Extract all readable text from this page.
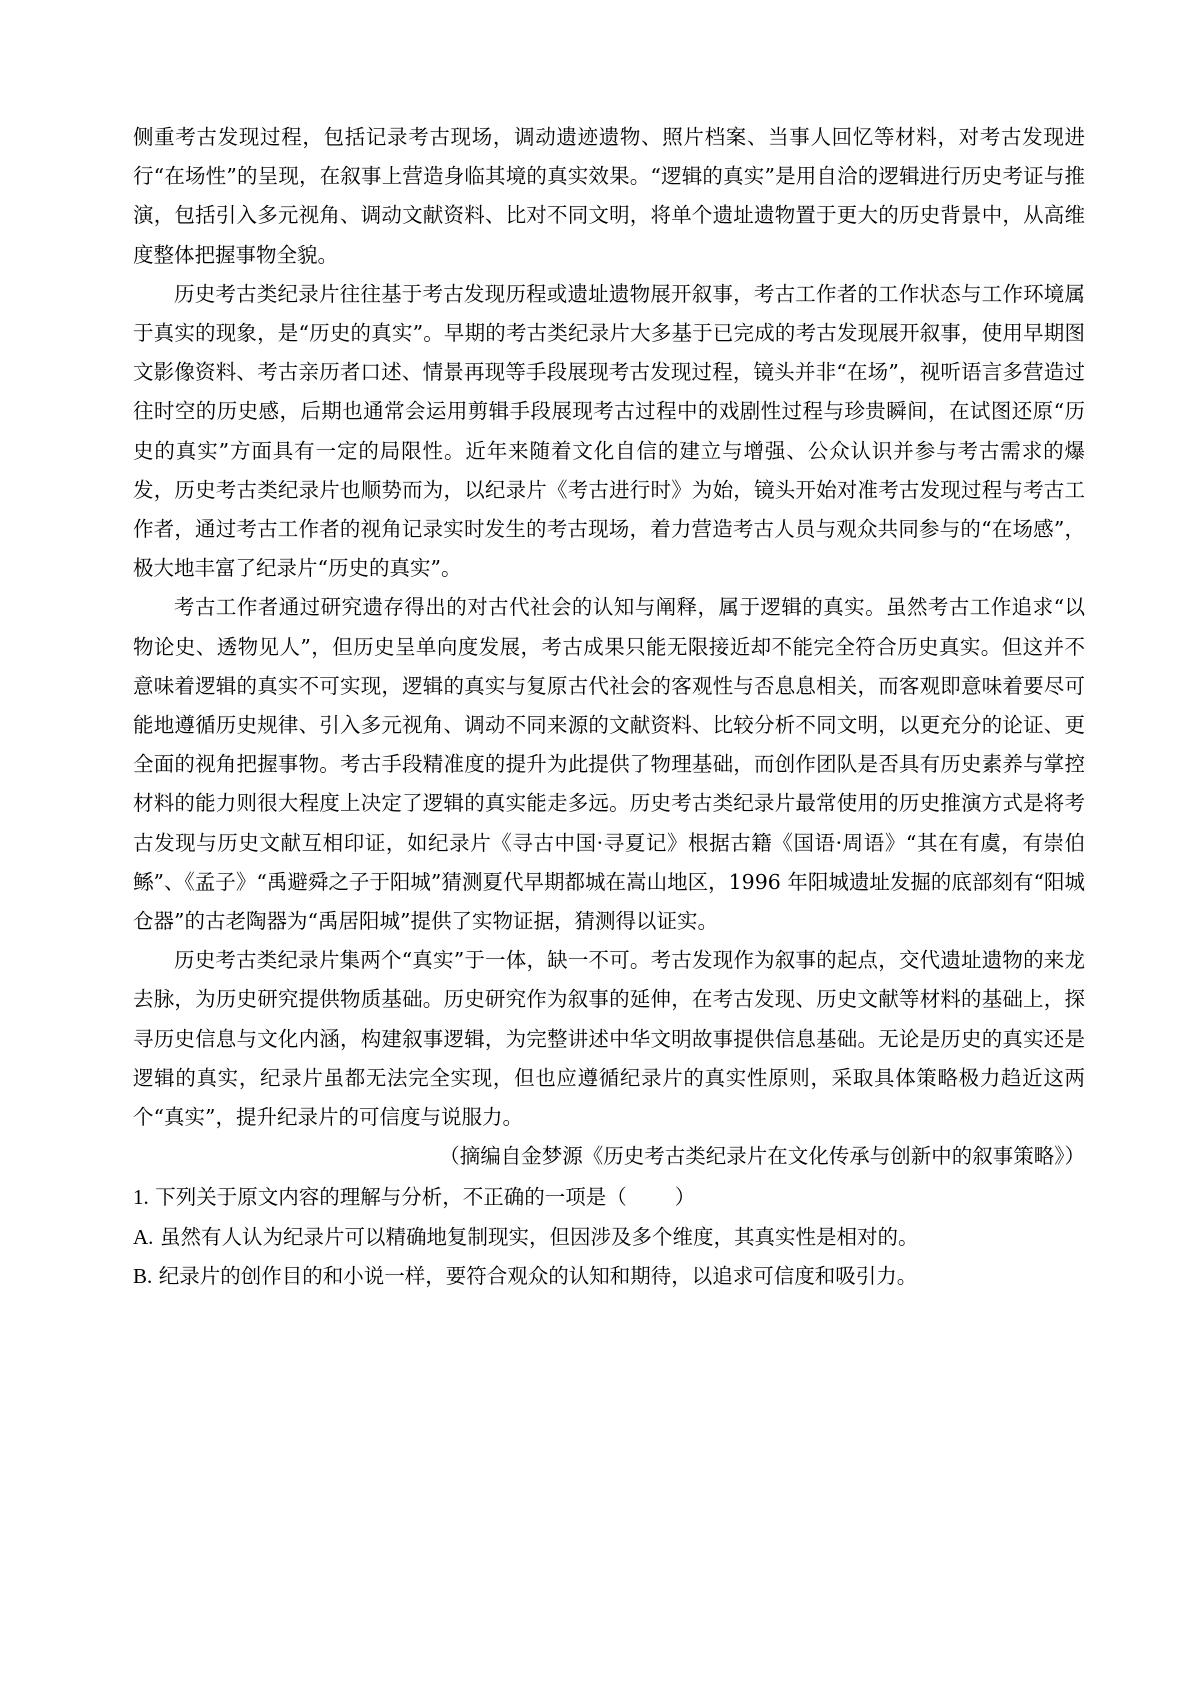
侧重考古发现过程，包括记录考古现场，调动遗迹遗物、照片档案、当事人回忆等材料，对考古发现进行“在场性”的呈现，在叙事上营造身临其境的真实效果。“逻辑的真实”是用自洽的逻辑进行历史考证与推演，包括引入多元视角、调动文献资料、比对不同文明，将单个遗址遗物置于更大的历史背景中，从高维度整体把握事物全貌。

历史考古类纪录片往往基于考古发现历程或遗址遗物展开叙事，考古工作者的工作状态与工作环境属于真实的现象，是“历史的真实”。早期的考古类纪录片大多基于已完成的考古发现展开叙事，使用早期图文影像资料、考古亲历者口述、情景再现等手段展现考古发现过程，镜头并非“在场”，视听语言多营造过往时空的历史感，后期也通常会运用剪辑手段展现考古过程中的戏剧性过程与珍贵瞬间，在试图还原“历史的真实”方面具有一定的局限性。近年来随着文化自信的建立与增强、公众认识并参与考古需求的爆发，历史考古类纪录片也顺势而为，以纪录片《考古进行时》为始，镜头开始对准考古发现过程与考古工作者，通过考古工作者的视角记录实时发生的考古现场，着力营造考古人员与观众共同参与的“在场感”，极大地丰富了纪录片“历史的真实”。

考古工作者通过研究遗存得出的对古代社会的认知与阐释，属于逻辑的真实。虽然考古工作追求“以物论史、透物见人”，但历史呈单向度发展，考古成果只能无限接近却不能完全符合历史真实。但这并不意味着逻辑的真实不可实现，逻辑的真实与复原古代社会的客观性与否息息相关，而客观即意味着要尽可能地遵循历史规律、引入多元视角、调动不同来源的文献资料、比较分析不同文明，以更充分的论证、更全面的视角把握事物。考古手段精准度的提升为此提供了物理基础，而创作团队是否具有历史素养与掌控材料的能力则很大程度上决定了逻辑的真实能走多远。历史考古类纪录片最常使用的历史推演方式是将考古发现与历史文献互相印证，如纪录片《寻古中国·寻夏记》根据古籍《国语·周语》“其在有虞，有崇伯鲧”、《孟子》“禹避舜之子于阳城”猜测夏代早期都城在嵩山地区，1996 年阳城遗址发掘的底部刻有“阳城仓器”的古老陶器为“禹居阳城”提供了实物证据，猜测得以证实。

历史考古类纪录片集两个“真实”于一体，缺一不可。考古发现作为叙事的起点，交代遗址遗物的来龙去脉，为历史研究提供物质基础。历史研究作为叙事的延伸，在考古发现、历史文献等材料的基础上，探寻历史信息与文化内涵，构建叙事逻辑，为完整讲述中华文明故事提供信息基础。无论是历史的真实还是逻辑的真实，纪录片虽都无法完全实现，但也应遵循纪录片的真实性原则，采取具体策略极力趋近这两个“真实”，提升纪录片的可信度与说服力。

（摘编自金梦源《历史考古类纪录片在文化传承与创新中的叙事策略》）

1. 下列关于原文内容的理解与分析，不正确的一项是（ ）
A. 虽然有人认为纪录片可以精确地复制现实，但因涉及多个维度，其真实性是相对的。
B. 纪录片的创作目的和小说一样，要符合观众的认知和期待，以追求可信度和吸引力。
